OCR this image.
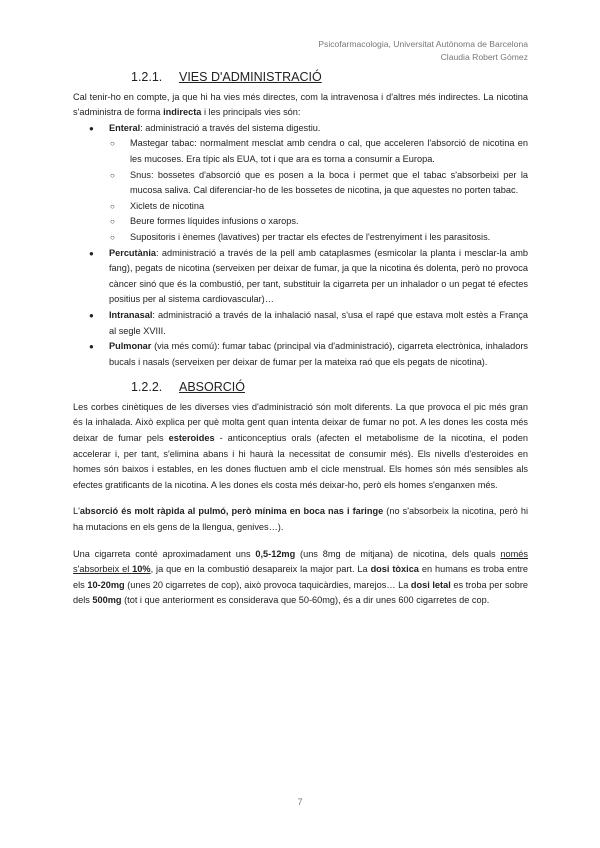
Psicofarmacologia, Universitat Autònoma de Barcelona
Claudia Robert Gómez
1.2.1. VIES D'ADMINISTRACIÓ

Cal tenir-ho en compte, ja que hi ha vies més directes, com la intravenosa i d'altres més indirectes. La nicotina s'administra de forma indirecta i les principals vies són:

● Enteral: administració a través del sistema digestiu.
○ Mastegar tabac: normalment mesclat amb cendra o cal, que acceleren l'absorció de nicotina en les mucoses. Era típic als EUA, tot i que ara es torna a consumir a Europa.
○ Snus: bossetes d'absorció que es posen a la boca i permet que el tabac s'absorbeixi per la mucosa saliva. Cal diferenciar-ho de les bossetes de nicotina, ja que aquestes no porten tabac.
○ Xiclets de nicotina
○ Beure formes líquides infusions o xarops.
○ Supositoris i ènemes (lavatives) per tractar els efectes de l'estrenyiment i les parasitosis.
● Percutània: administració a través de la pell amb cataplasmes (esmicolar la planta i mesclar-la amb fang), pegats de nicotina (serveixen per deixar de fumar, ja que la nicotina és dolenta, però no provoca càncer sinó que és la combustió, per tant, substituir la cigarreta per un inhalador o un pegat té efectes positius per al sistema cardiovascular)…
● Intranasal: administració a través de la inhalació nasal, s'usa el rapé que estava molt estès a França al segle XVIII.
● Pulmonar (via més comú): fumar tabac (principal via d'administració), cigarreta electrònica, inhaladors bucals i nasals (serveixen per deixar de fumar per la mateixa raó que els pegats de nicotina).
1.2.2. ABSORCIÓ

Les corbes cinètiques de les diverses vies d'administració són molt diferents. La que provoca el pic més gran és la inhalada. Això explica per què molta gent quan intenta deixar de fumar no pot. A les dones les costa més deixar de fumar pels esteroides - anticonceptius orals (afecten el metabolisme de la nicotina, el poden accelerar i, per tant, s'elimina abans i hi haurà la necessitat de consumir més). Els nivells d'esteroides en homes són baixos i estables, en les dones fluctuen amb el cicle menstrual. Els homes són més sensibles als efectes gratificants de la nicotina. A les dones els costa més deixar-ho, però els homes s'enganxen més.

L'absorció és molt ràpida al pulmó, però mínima en boca nas i faringe (no s'absorbeix la nicotina, però hi ha mutacions en els gens de la llengua, genives…).

Una cigarreta conté aproximadament uns 0,5-12mg (uns 8mg de mitjana) de nicotina, dels quals només s'absorbeix el 10%, ja que en la combustió desapareix la major part. La dosi tòxica en humans es troba entre els 10-20mg (unes 20 cigarretes de cop), això provoca taquicàrdies, marejos… La dosi letal es troba per sobre dels 500mg (tot i que anteriorment es considerava que 50-60mg), és a dir unes 600 cigarretes de cop.

7
